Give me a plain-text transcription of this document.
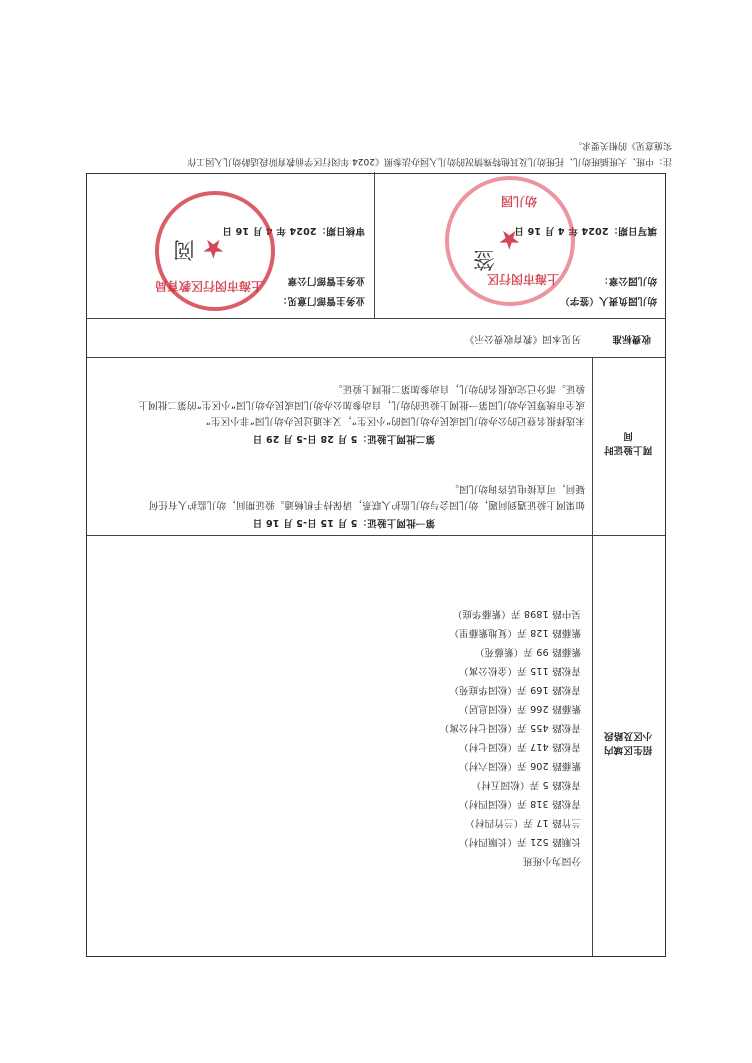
招生区域内小区及路段
分园为小班班
长顺路 521 弄（长顺四村）
兰竹路 17 弄（兰竹四村）
青松路 318 弄（松园四村）
青松路 5 弄（松园五村）
紫藤路 206 弄（松园六村）
青松路 417 弄（松园七村）
青松路 455 弄（松园七村公寓）
紫藤路 266 弄（松园息居）
青松路 169 弄（松园华庭苑）
青松路 115 弄（金松公寓）
紫藤路 99 弄（紫藤苑）
紫藤路 128 弄（复地紫藤里）
吴中路 1898 弄（紫藤华庭）
网上验证时间
第一批网上验证：5 月 15 日-5 月 16 日
如果网上验证遇到问题，幼儿园会与幼儿监护人联系，请保持手机畅通。验证期间，幼儿监护人有任何
疑问，可直接电话咨询幼儿园。
第二批网上验证：5 月 28 日-5 月 29 日
未选择报名登记的公办幼儿园或民办幼儿园的“小区生”，又未通过民办幼儿园“非小区生”
或全市统筹民办幼儿园第一批网上验证的幼儿，自动参加公办幼儿园或民办幼儿园“小区生”的第二批网上
验证。部分已完成报名的幼儿，自动参加第二批网上验证。
收费标准
另见本园《教育收费公示》
幼儿园负责人（签字）
幼儿园公章：
填写日期：2024 年 4 月 16 日
业务主管部门意见：
业务主管部门公章
审核日期：2024 年 4 月 16 日	★
上海市闵行区
幼儿园
签
★
上海市闵行区教育局
阅
注：中班、大班插班幼儿、托班幼儿及其他特殊情况的幼儿入园办法参照《2024 年闵行区学前教育阶段适龄幼儿入园工作
实施意见》的相关要求。
